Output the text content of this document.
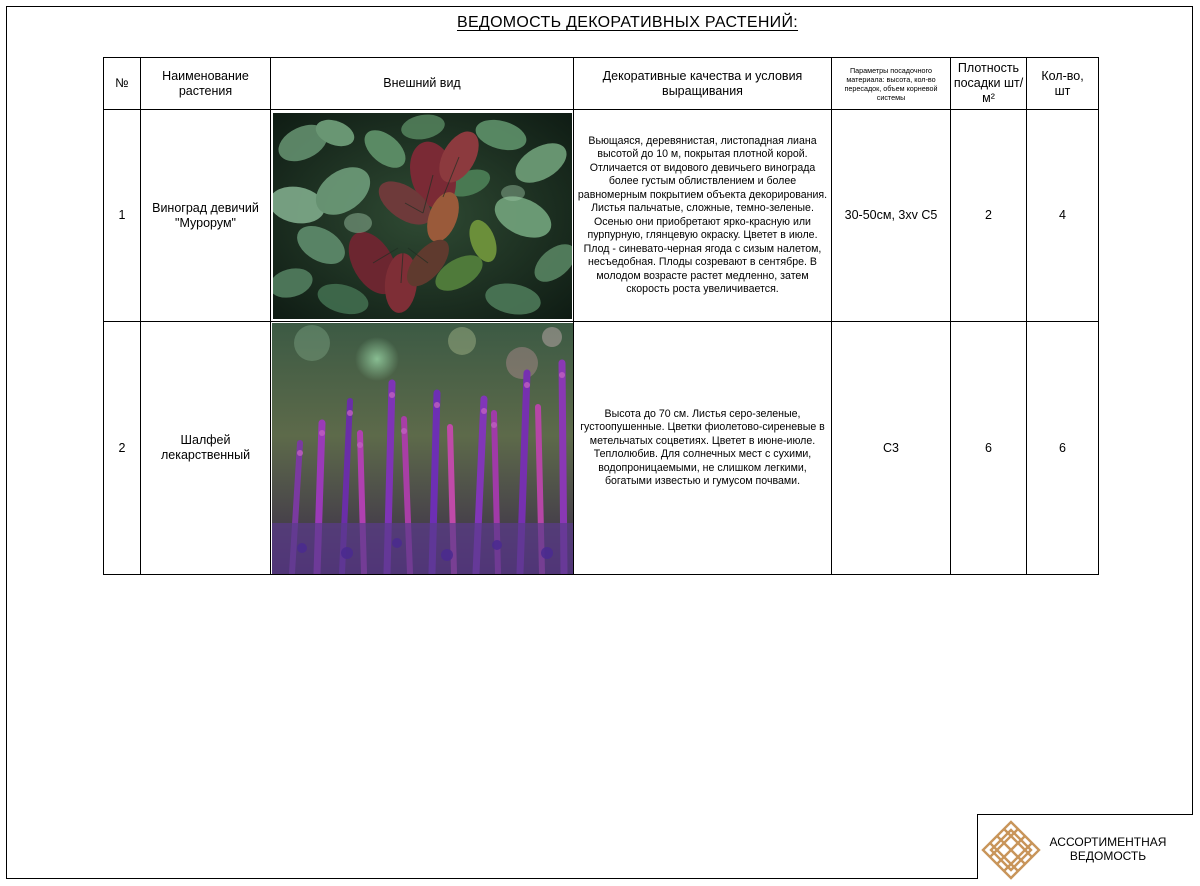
ВЕДОМОСТЬ ДЕКОРАТИВНЫХ РАСТЕНИЙ:
№	Наименование растения	Внешний вид	Декоративные качества и условия выращивания	Параметры посадочного материала: высота, кол-во пересадок, объем корневой системы	Плотность посадки шт/м²	Кол-во, шт
1	Виноград девичий "Мурорум"		Вьющаяся, деревянистая, листопадная лиана высотой до 10 м, покрытая плотной корой. Отличается от видового девичьего винограда более густым облиствлением и более равномерным покрытием объекта декорирования. Листья пальчатые, сложные, темно-зеленые. Осенью они приобретают ярко-красную или пурпурную, глянцевую окраску. Цветет в июле. Плод - синевато-черная ягода с сизым налетом, несъедобная. Плоды созревают в сентябре. В молодом возрасте растет медленно, затем скорость роста увеличивается.	30-50см, 3хv С5	2	4
2	Шалфей лекарственный		Высота до 70 см. Листья серо-зеленые, густоопушенные. Цветки фиолетово-сиреневые в метельчатых соцветиях. Цветет в июне-июле. Теплолюбив. Для солнечных мест с сухими, водопроницаемыми, не слишком легкими, богатыми известью и гумусом почвами.	С3	6	6
АССОРТИМЕНТНАЯ ВЕДОМОСТЬ
